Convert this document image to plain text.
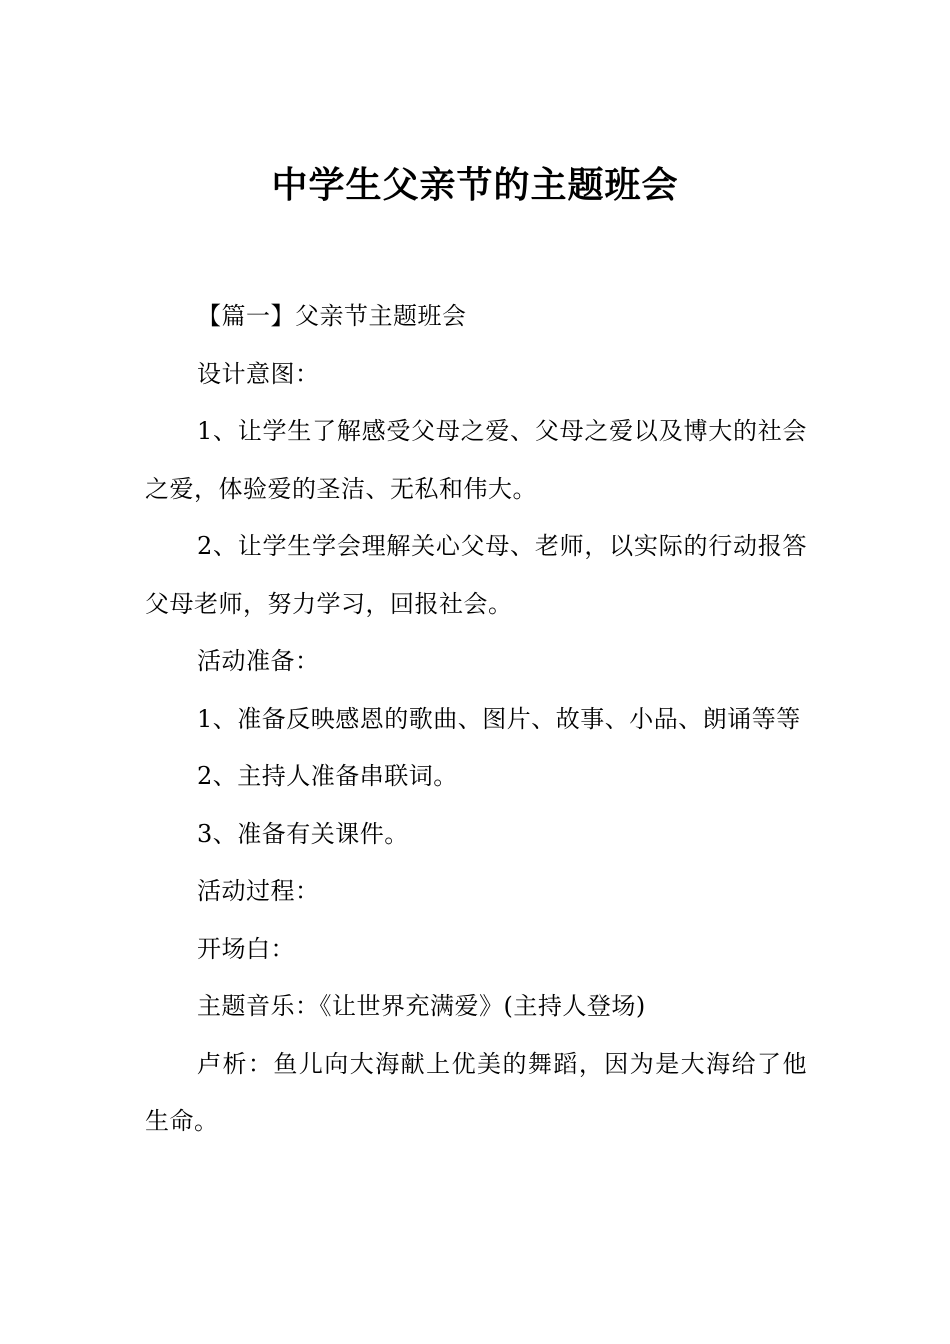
中学生父亲节的主题班会

【篇一】父亲节主题班会

设计意图：

1、让学生了解感受父母之爱、父母之爱以及博大的社会之爱，体验爱的圣洁、无私和伟大。

2、让学生学会理解关心父母、老师，以实际的行动报答父母老师，努力学习，回报社会。

活动准备：

1、准备反映感恩的歌曲、图片、故事、小品、朗诵等等

2、主持人准备串联词。

3、准备有关课件。

活动过程：

开场白：

主题音乐：《让世界充满爱》(主持人登场)

卢析：鱼儿向大海献上优美的舞蹈，因为是大海给了他生命。
